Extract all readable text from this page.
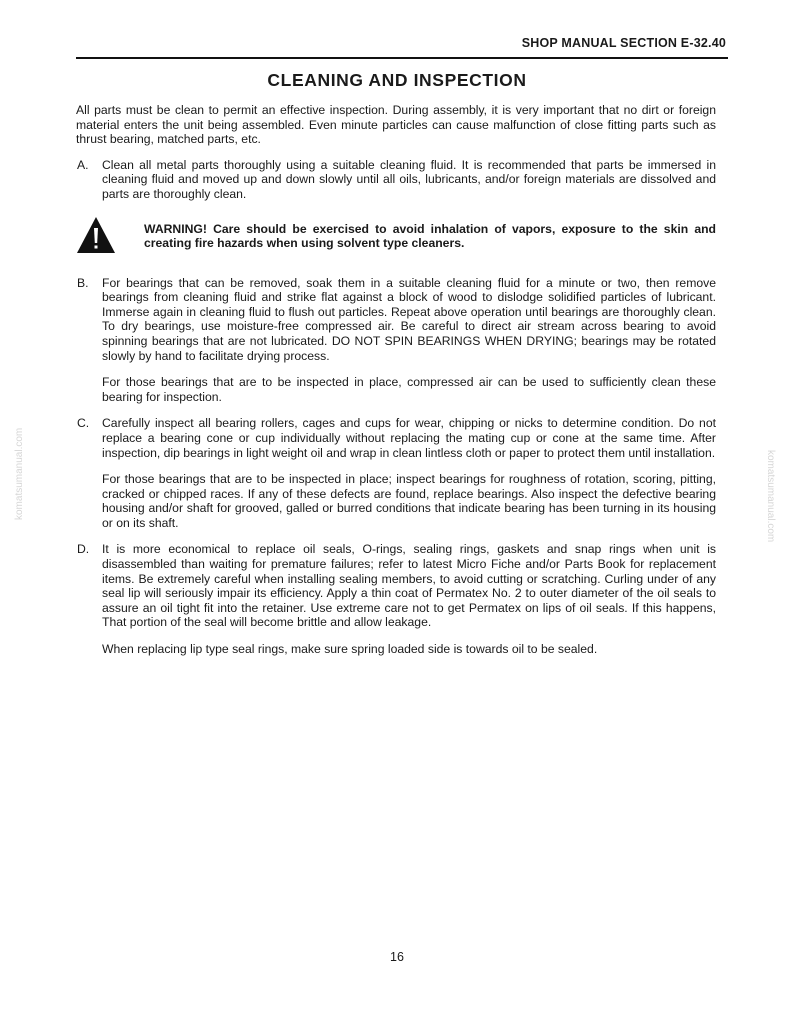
SHOP MANUAL SECTION E-32.40
CLEANING AND INSPECTION

All parts must be clean to permit an effective inspection. During assembly, it is very important that no dirt or foreign material enters the unit being assembled. Even minute particles can cause malfunction of close fitting parts such as thrust bearing, matched parts, etc.

A. Clean all metal parts thoroughly using a suitable cleaning fluid. It is recommended that parts be immersed in cleaning fluid and moved up and down slowly until all oils, lubricants, and/or foreign materials are dissolved and parts are thoroughly clean.

WARNING! Care should be exercised to avoid inhalation of vapors, exposure to the skin and creating fire hazards when using solvent type cleaners.
B. For bearings that can be removed, soak them in a suitable cleaning fluid for a minute or two, then remove bearings from cleaning fluid and strike flat against a block of wood to dislodge solidified particles of lubricant. Immerse again in cleaning fluid to flush out particles. Repeat above operation until bearings are thoroughly clean. To dry bearings, use moisture-free compressed air. Be careful to direct air stream across bearing to avoid spinning bearings that are not lubricated. DO NOT SPIN BEARINGS WHEN DRYING; bearings may be rotated slowly by hand to facilitate drying process.

For those bearings that are to be inspected in place, compressed air can be used to sufficiently clean these bearing for inspection.

C. Carefully inspect all bearing rollers, cages and cups for wear, chipping or nicks to determine condition. Do not replace a bearing cone or cup individually without replacing the mating cup or cone at the same time. After inspection, dip bearings in light weight oil and wrap in clean lintless cloth or paper to protect them until installation.

For those bearings that are to be inspected in place; inspect bearings for roughness of rotation, scoring, pitting, cracked or chipped races. If any of these defects are found, replace bearings. Also inspect the defective bearing housing and/or shaft for grooved, galled or burred conditions that indicate bearing has been turning in its housing or on its shaft.

D. It is more economical to replace oil seals, O-rings, sealing rings, gaskets and snap rings when unit is disassembled than waiting for premature failures; refer to latest Micro Fiche and/or Parts Book for replacement items. Be extremely careful when installing sealing members, to avoid cutting or scratching. Curling under of any seal lip will seriously impair its efficiency. Apply a thin coat of Permatex No. 2 to outer diameter of the oil seals to assure an oil tight fit into the retainer. Use extreme care not to get Permatex on lips of oil seals. If this happens, That portion of the seal will become brittle and allow leakage.

When replacing lip type seal rings, make sure spring loaded side is towards oil to be sealed.

16
komatsumanual.com	komatsumanual.com
